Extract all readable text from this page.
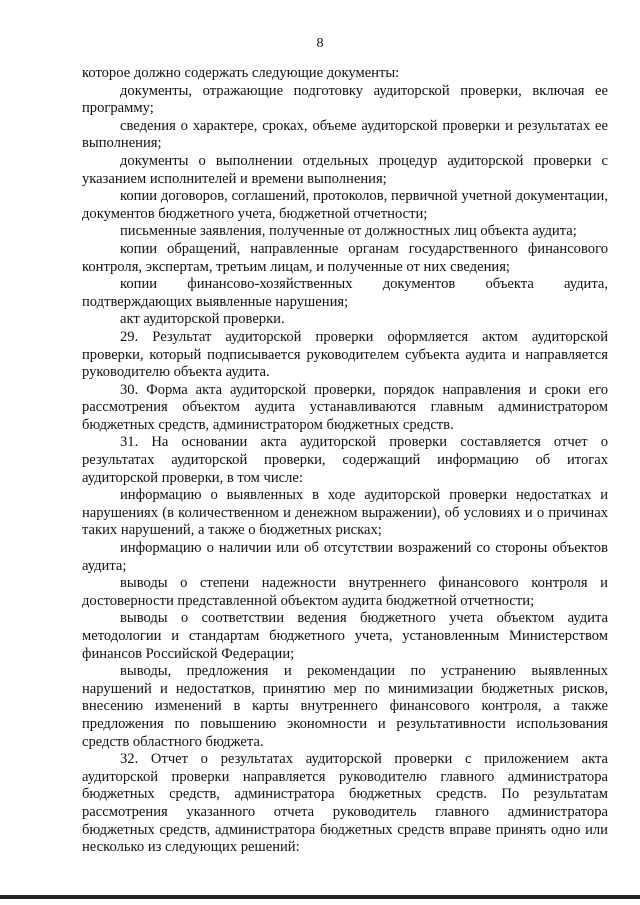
8

которое должно содержать следующие документы:

документы, отражающие подготовку аудиторской проверки, включая ее программу;

сведения о характере, сроках, объеме аудиторской проверки и результатах ее выполнения;

документы о выполнении отдельных процедур аудиторской проверки с указанием исполнителей и времени выполнения;

копии договоров, соглашений, протоколов, первичной учетной документации, документов бюджетного учета, бюджетной отчетности;

письменные заявления, полученные от должностных лиц объекта аудита;

копии обращений, направленные органам государственного финансового контроля, экспертам, третьим лицам, и полученные от них сведения;

копии финансово-хозяйственных документов объекта аудита, подтверждающих выявленные нарушения;

акт аудиторской проверки.

29. Результат аудиторской проверки оформляется актом аудиторской проверки, который подписывается руководителем субъекта аудита и направляется руководителю объекта аудита.

30. Форма акта аудиторской проверки, порядок направления и сроки его рассмотрения объектом аудита устанавливаются главным администратором бюджетных средств, администратором бюджетных средств.

31. На основании акта аудиторской проверки составляется отчет о результатах аудиторской проверки, содержащий информацию об итогах аудиторской проверки, в том числе:

информацию о выявленных в ходе аудиторской проверки недостатках и нарушениях (в количественном и денежном выражении), об условиях и о причинах таких нарушений, а также о бюджетных рисках;

информацию о наличии или об отсутствии возражений со стороны объектов аудита;

выводы о степени надежности внутреннего финансового контроля и достоверности представленной объектом аудита бюджетной отчетности;

выводы о соответствии ведения бюджетного учета объектом аудита методологии и стандартам бюджетного учета, установленным Министерством финансов Российской Федерации;

выводы, предложения и рекомендации по устранению выявленных нарушений и недостатков, принятию мер по минимизации бюджетных рисков, внесению изменений в карты внутреннего финансового контроля, а также предложения по повышению экономности и результативности использования средств областного бюджета.

32. Отчет о результатах аудиторской проверки с приложением акта аудиторской проверки направляется руководителю главного администратора бюджетных средств, администратора бюджетных средств. По результатам рассмотрения указанного отчета руководитель главного администратора бюджетных средств, администратора бюджетных средств вправе принять одно или несколько из следующих решений:
